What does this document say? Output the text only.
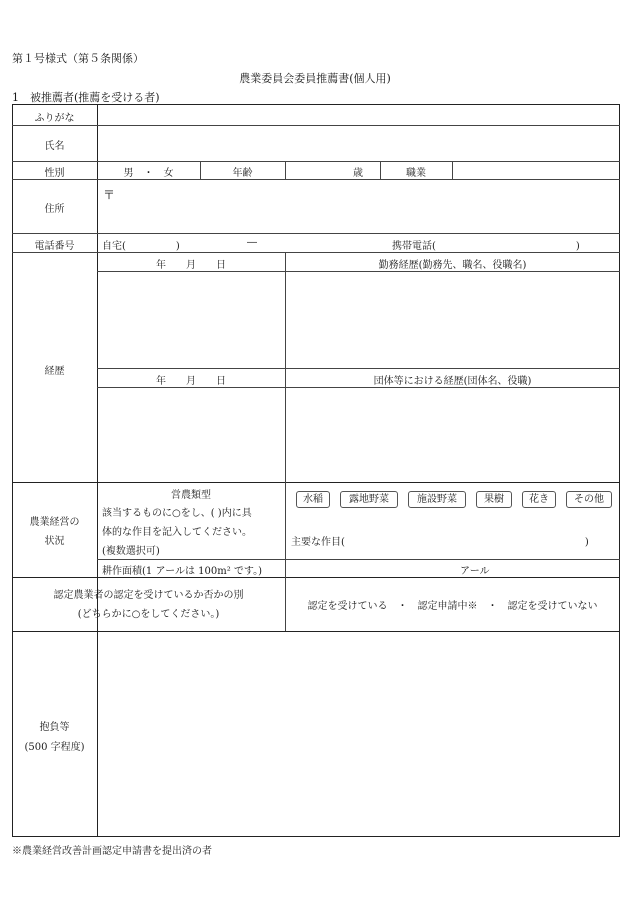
第１号様式（第５条関係）
農業委員会委員推薦書(個人用)
1　被推薦者(推薦を受ける者)
ふりがな
氏名
性別	男　・　女	年齢	歳	職業
住所
〒
電話番号	自宅(　　　　　)	―	携帯電話(　　　　　　　　　　　　　　)
経歴
年　　月　　日	勤務経歴(勤務先、職名、役職名)
年　　月　　日	団体等における経歴(団体名、役職)
農業経営の
状況
営農類型
該当するものに○をし、( )内に具
体的な作目を記入してください。
(複数選択可)
水稲	露地野菜	施設野菜	果樹	花き	その他
主要な作目(　　　　　　　　　　　　　　　　　　　　　　　　)
耕作面積(1 アールは 100m² です。)	アール
認定農業者の認定を受けているか否かの別
(どちらかに○をしてください。)
認定を受けている　・　認定申請中※　・　認定を受けていない
抱負等
(500 字程度)
※農業経営改善計画認定申請書を提出済の者
